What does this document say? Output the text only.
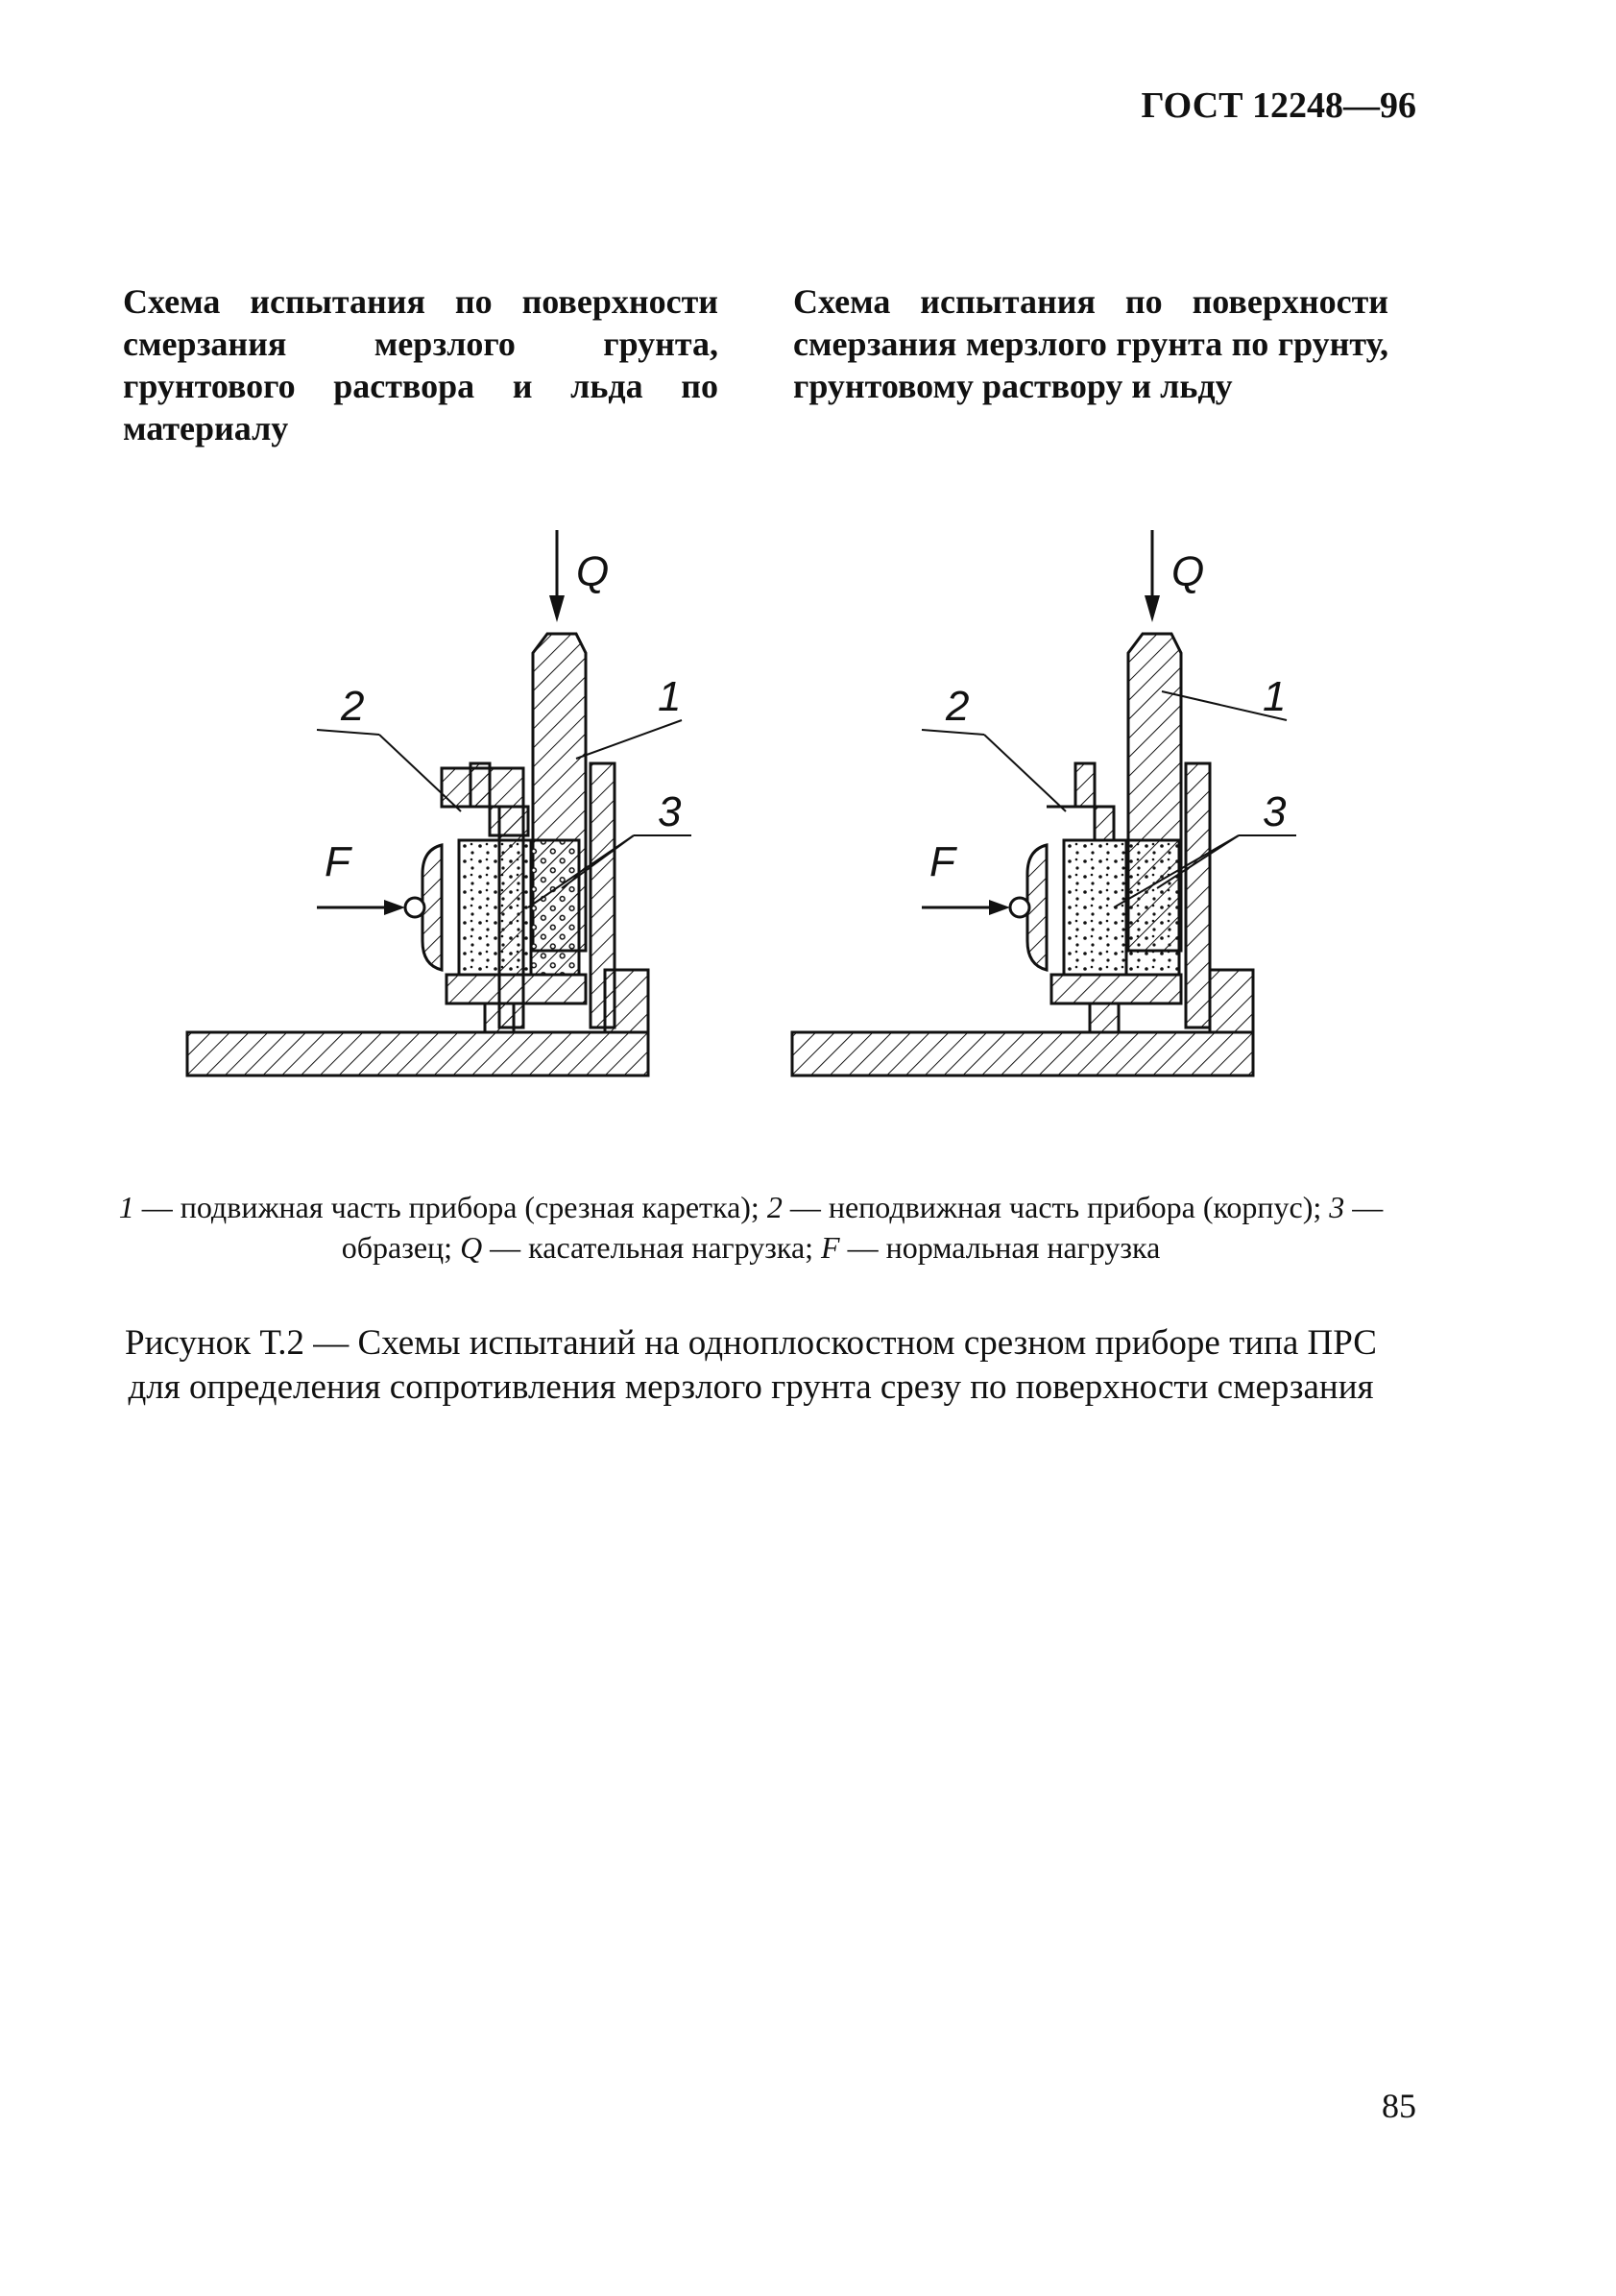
ГОСТ 12248—96
Схема испытания по поверхности смерзания мерзлого грунта, грунтового раствора и льда по материалу
Схема испытания по поверхности смерзания мерзлого грунта по грунту, грунтовому раствору и льду
Q
F
1
2
3
Q
F
1
2
3
1 — подвижная часть прибора (срезная каретка); 2 — неподвижная часть прибора (корпус); 3 — образец; Q — касательная нагрузка; F — нормальная нагрузка
Рисунок Т.2 — Схемы испытаний на одноплоскостном срезном приборе типа ПРС для определения сопротивления мерзлого грунта срезу по поверхности смерзания
85
